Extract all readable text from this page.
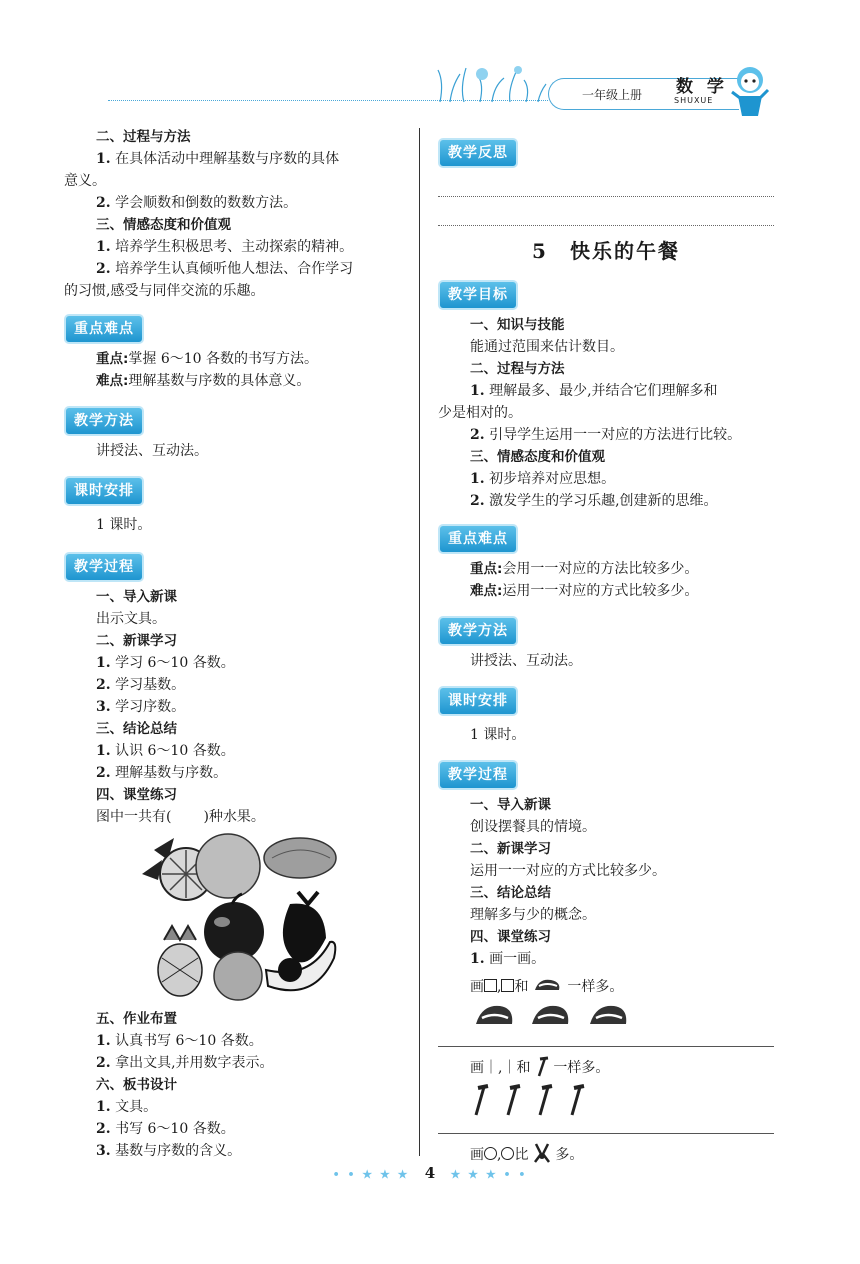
一年级上册 数 学
SHUXUE

二、过程与方法

1. 在具体活动中理解基数与序数的具体

意义。

2. 学会顺数和倒数的数数方法。

三、情感态度和价值观

1. 培养学生积极思考、主动探索的精神。

2. 培养学生认真倾听他人想法、合作学习

的习惯,感受与同伴交流的乐趣。

重点难点

重点:掌握 6～10 各数的书写方法。

难点:理解基数与序数的具体意义。

教学方法

讲授法、互动法。

课时安排

1 课时。

教学过程

一、导入新课

出示文具。

二、新课学习

1. 学习 6～10 各数。

2. 学习基数。

3. 学习序数。

三、结论总结

1. 认识 6～10 各数。

2. 理解基数与序数。

四、课堂练习

图中一共有( )种水果。

五、作业布置

1. 认真书写 6～10 各数。

2. 拿出文具,并用数字表示。

六、板书设计

1. 文具。

2. 书写 6～10 各数。

3. 基数与序数的含义。

教学反思
5　快乐的午餐
教学目标

一、知识与技能

能通过范围来估计数目。

二、过程与方法

1. 理解最多、最少,并结合它们理解多和

少是相对的。

2. 引导学生运用一一对应的方法进行比较。

三、情感态度和价值观

1. 初步培养对应思想。

2. 激发学生的学习乐趣,创建新的思维。

重点难点

重点:会用一一对应的方法比较多少。

难点:运用一一对应的方式比较多少。

教学方法

讲授法、互动法。

课时安排

1 课时。

教学过程

一、导入新课

创设摆餐具的情境。

二、新课学习

运用一一对应的方式比较多少。

三、结论总结

理解多与少的概念。

四、课堂练习

1. 画一画。

画 , 和	一样多。

画｜,｜和 一样多。

画 , 比 多。

• • ★ ★ ★ 4 ★ ★ ★ • •
